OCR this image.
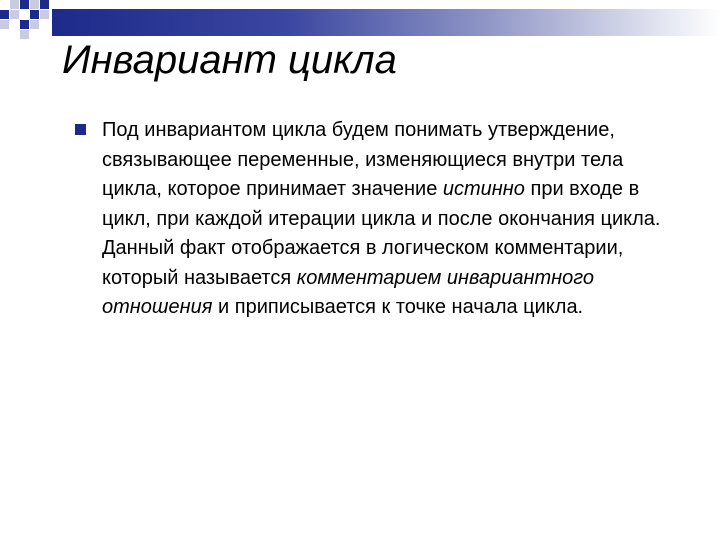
Инвариант цикла

Под инвариантом цикла будем понимать утверждение, связывающее переменные, изменяющиеся внутри тела цикла, которое принимает значение истинно при входе в цикл, при каждой итерации цикла и после окончания цикла. Данный факт отображается в логическом комментарии, который называется комментарием инвариантного отношения и приписывается к точке начала цикла.
